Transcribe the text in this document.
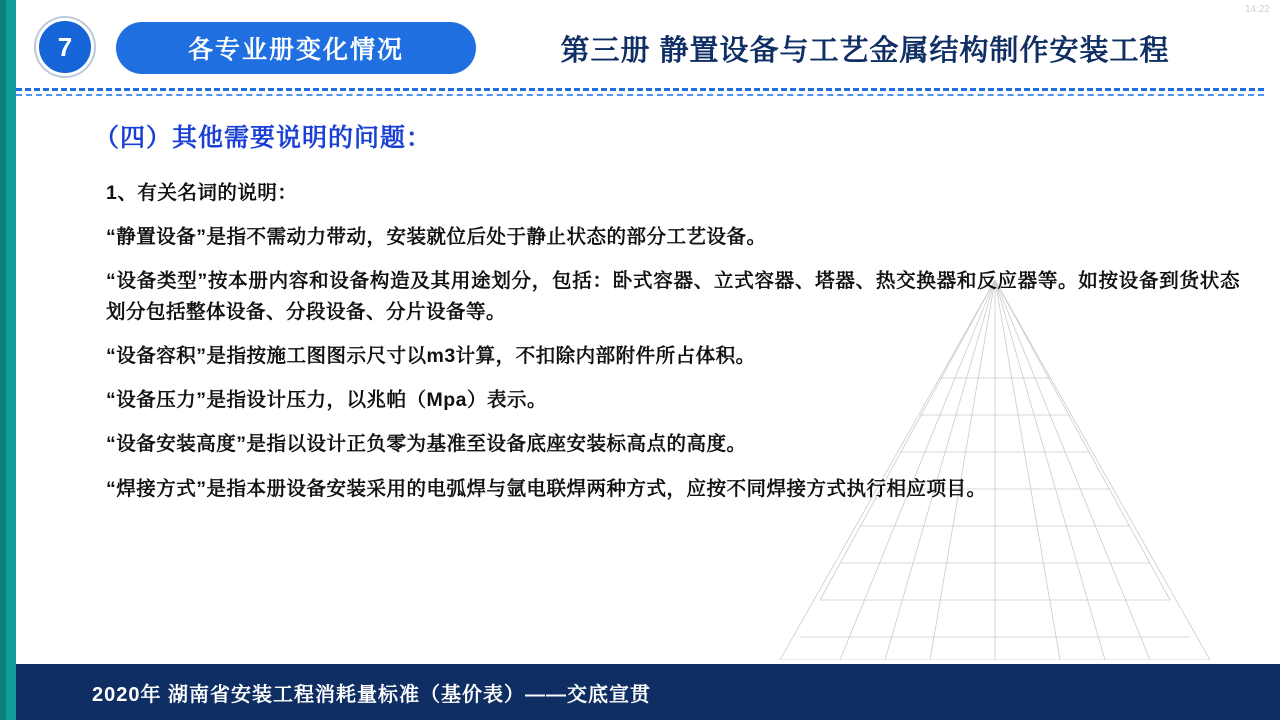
14:22
7	各专业册变化情况	第三册 静置设备与工艺金属结构制作安装工程
（四）其他需要说明的问题：
1、有关名词的说明：
“静置设备”是指不需动力带动，安装就位后处于静止状态的部分工艺设备。
“设备类型”按本册内容和设备构造及其用途划分，包括：卧式容器、立式容器、塔器、热交换器和反应器等。如按设备到货状态划分包括整体设备、分段设备、分片设备等。
“设备容积”是指按施工图图示尺寸以m3计算，不扣除内部附件所占体积。
“设备压力”是指设计压力，以兆帕（Mpa）表示。
“设备安装高度”是指以设计正负零为基准至设备底座安装标高点的高度。
“焊接方式”是指本册设备安装采用的电弧焊与氩电联焊两种方式，应按不同焊接方式执行相应项目。
2020年 湖南省安装工程消耗量标准（基价表）——交底宣贯
